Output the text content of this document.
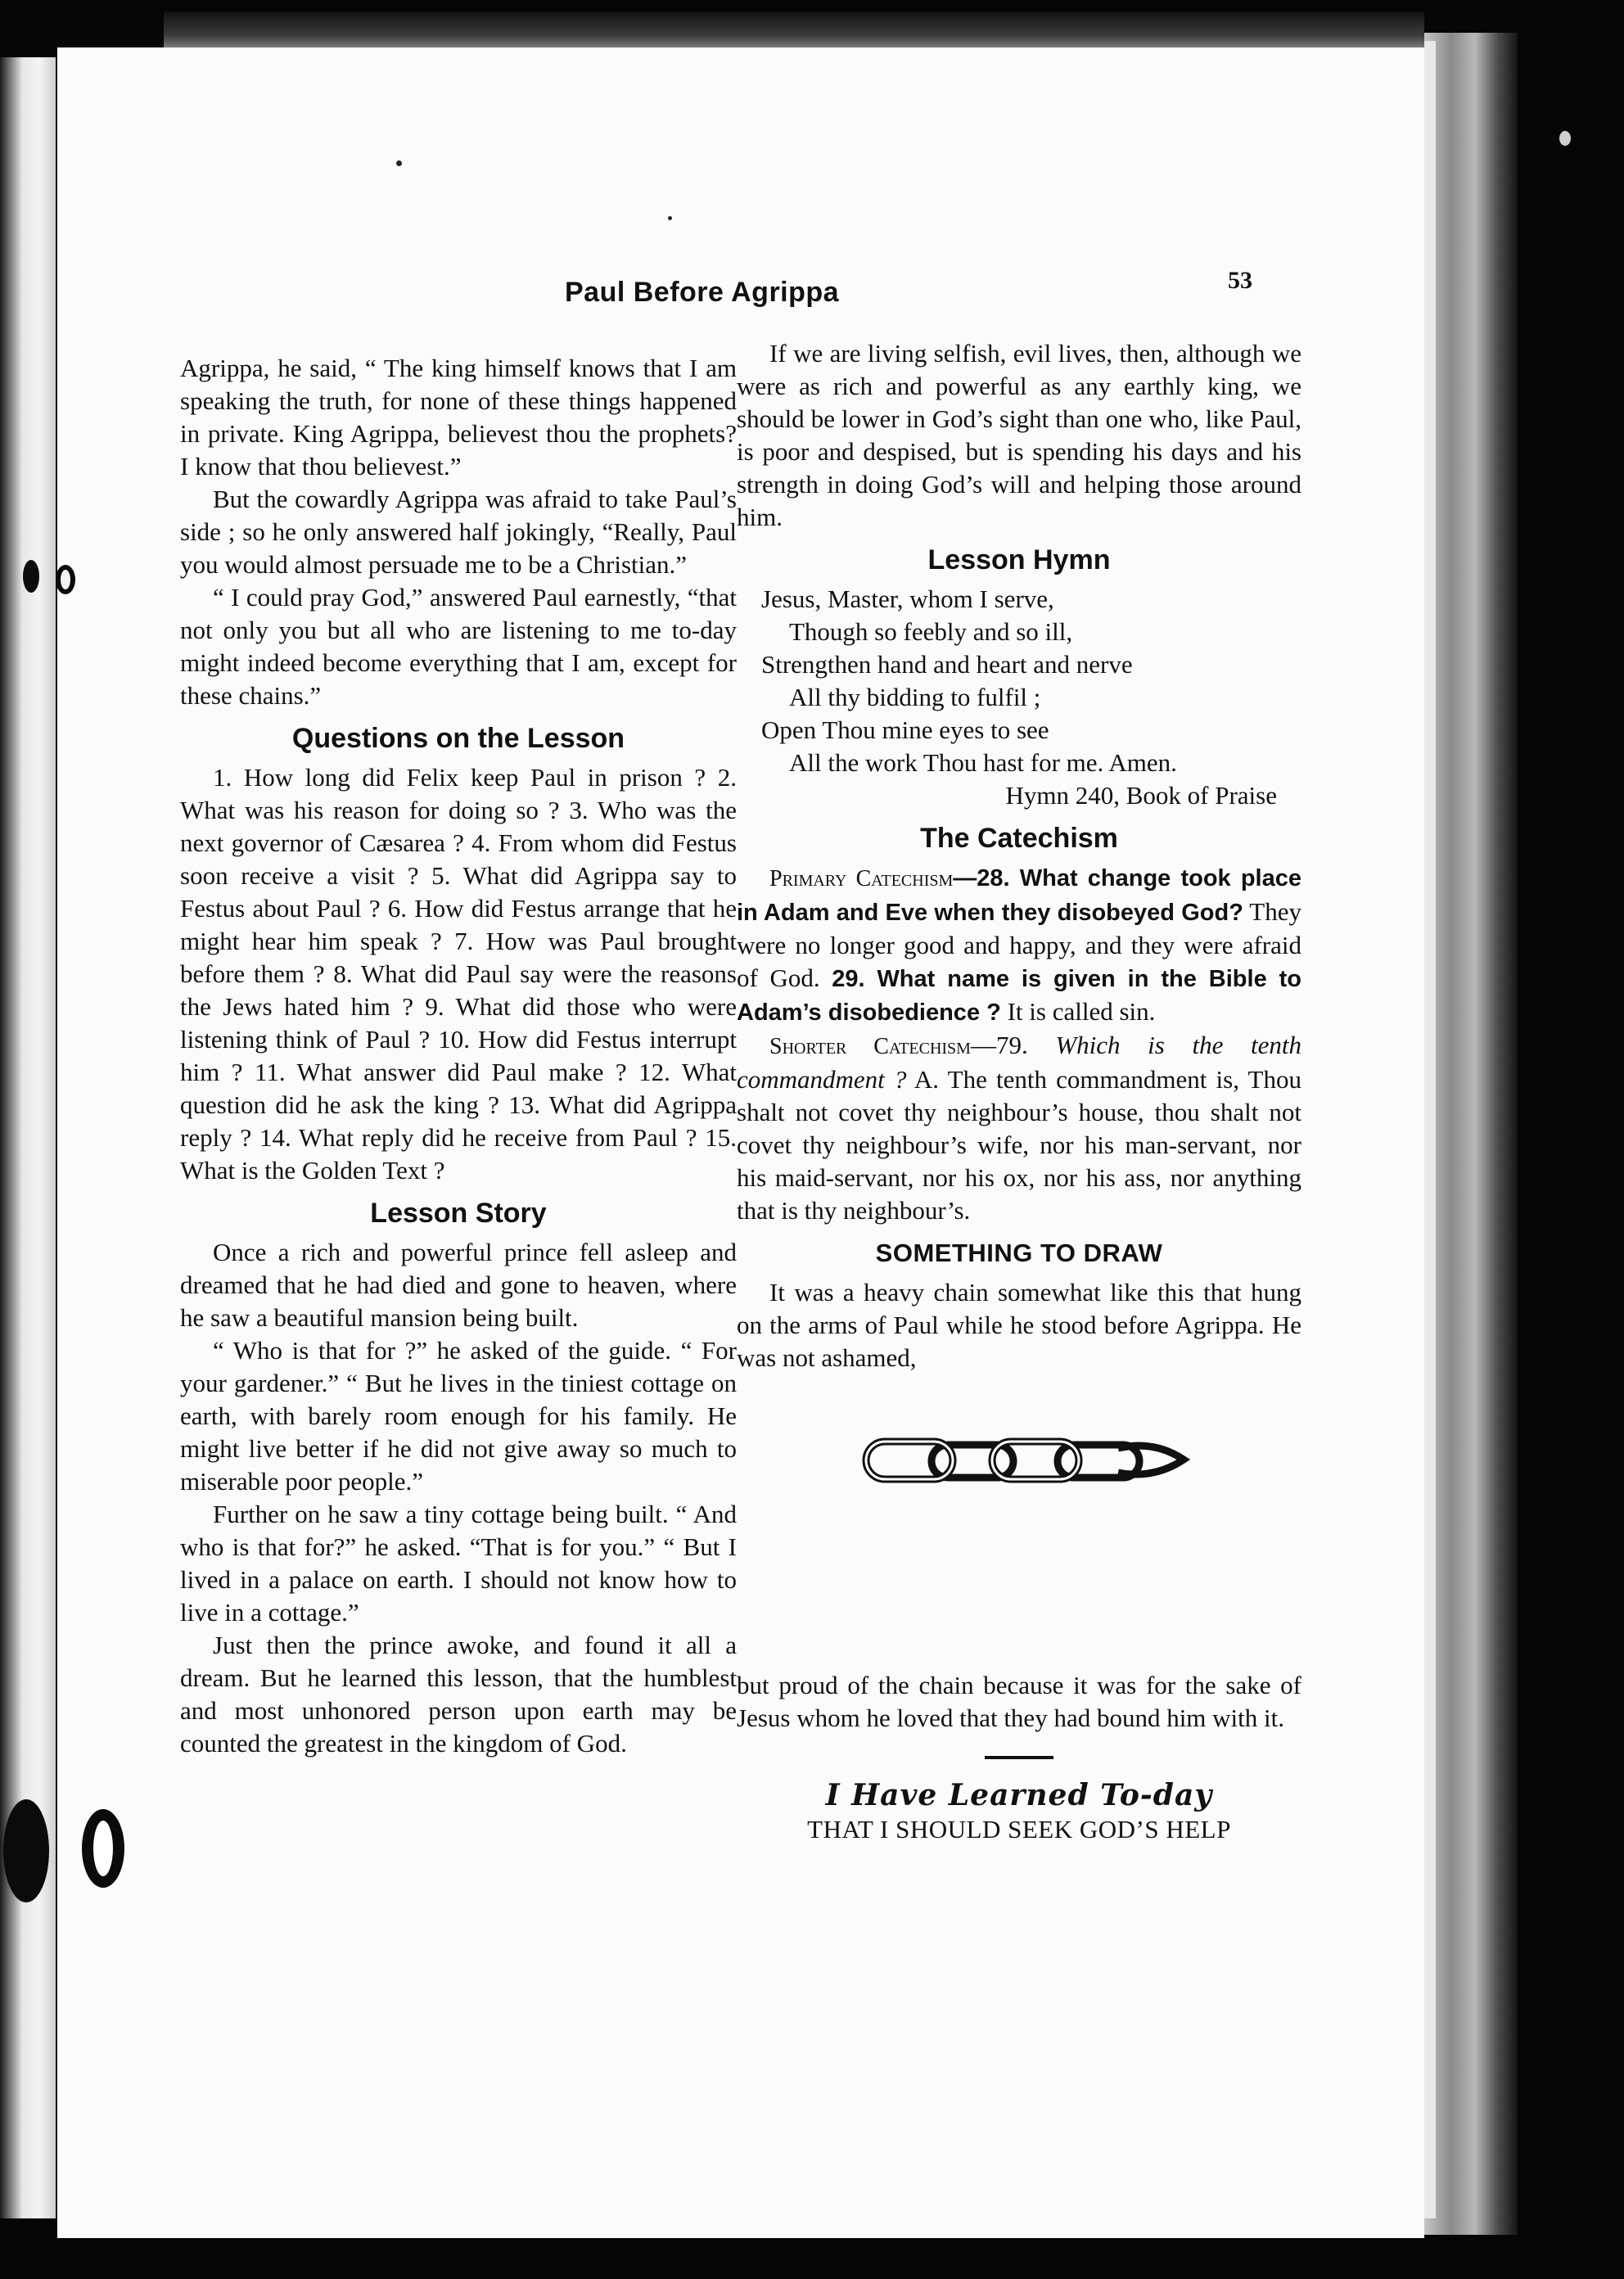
Paul Before Agrippa	53

Agrippa, he said, “ The king himself knows that I am speaking the truth, for none of these things happened in private. King Agrippa, believest thou the prophets? I know that thou believest.”

But the cowardly Agrippa was afraid to take Paul’s side ; so he only answered half jokingly, “Really, Paul you would almost persuade me to be a Christian.”

“ I could pray God,” answered Paul earnestly, “that not only you but all who are listening to me to-day might indeed become everything that I am, except for these chains.”

Questions on the Lesson

1. How long did Felix keep Paul in prison ? 2. What was his reason for doing so ? 3. Who was the next governor of Cæsarea ? 4. From whom did Festus soon receive a visit ? 5. What did Agrippa say to Festus about Paul ? 6. How did Festus arrange that he might hear him speak ? 7. How was Paul brought before them ? 8. What did Paul say were the reasons the Jews hated him ? 9. What did those who were listening think of Paul ? 10. How did Festus interrupt him ? 11. What answer did Paul make ? 12. What question did he ask the king ? 13. What did Agrippa reply ? 14. What reply did he receive from Paul ? 15. What is the Golden Text ?

Lesson Story

Once a rich and powerful prince fell asleep and dreamed that he had died and gone to heaven, where he saw a beautiful mansion being built.

“ Who is that for ?” he asked of the guide. “ For your gardener.” “ But he lives in the tiniest cottage on earth, with barely room enough for his family. He might live better if he did not give away so much to miserable poor people.”

Further on he saw a tiny cottage being built. “ And who is that for?” he asked. “That is for you.” “ But I lived in a palace on earth. I should not know how to live in a cottage.”

Just then the prince awoke, and found it all a dream. But he learned this lesson, that the humblest and most unhonored person upon earth may be counted the greatest in the kingdom of God.

If we are living selfish, evil lives, then, although we were as rich and powerful as any earthly king, we should be lower in God’s sight than one who, like Paul, is poor and despised, but is spending his days and his strength in doing God’s will and helping those around him.

Lesson Hymn
Jesus, Master, whom I serve,
Though so feebly and so ill,
Strengthen hand and heart and nerve
All thy bidding to fulfil ;
Open Thou mine eyes to see
All the work Thou hast for me. Amen.
Hymn 240, Book of Praise
The Catechism

Primary Catechism—28. What change took place in Adam and Eve when they disobeyed God? They were no longer good and happy, and they were afraid of God. 29. What name is given in the Bible to Adam’s disobedience ? It is called sin.

Shorter Catechism—79. Which is the tenth commandment ? A. The tenth commandment is, Thou shalt not covet thy neighbour’s house, thou shalt not covet thy neighbour’s wife, nor his man-servant, nor his maid-servant, nor his ox, nor his ass, nor anything that is thy neighbour’s.

SOMETHING TO DRAW

It was a heavy chain somewhat like this that hung on the arms of Paul while he stood before Agrippa. He was not ashamed,

but proud of the chain because it was for the sake of Jesus whom he loved that they had bound him with it.

I Have Learned To-day
THAT I SHOULD SEEK GOD’S HELP
